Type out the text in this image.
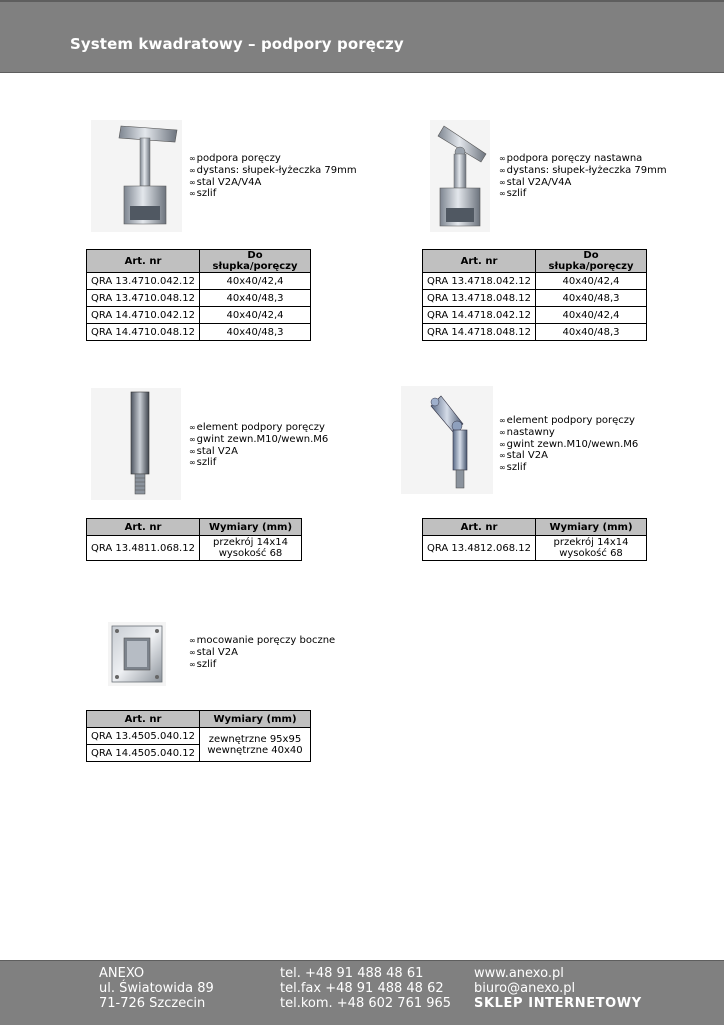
System kwadratowy – podpory poręczy
∞podpora poręczy
∞dystans: słupek-łyżeczka 79mm
∞stal V2A/V4A
∞szlif
Art. nr	Do słupka/poręczy
QRA 13.4710.042.12	40x40/42,4
QRA 13.4710.048.12	40x40/48,3
QRA 14.4710.042.12	40x40/42,4
QRA 14.4710.048.12	40x40/48,3
∞podpora poręczy nastawna
∞dystans: słupek-łyżeczka 79mm
∞stal V2A/V4A
∞szlif
Art. nr	Do słupka/poręczy
QRA 13.4718.042.12	40x40/42,4
QRA 13.4718.048.12	40x40/48,3
QRA 14.4718.042.12	40x40/42,4
QRA 14.4718.048.12	40x40/48,3
∞element podpory poręczy
∞gwint zewn.M10/wewn.M6
∞stal V2A
∞szlif
Art. nr	Wymiary (mm)
QRA 13.4811.068.12	przekrój 14x14
wysokość 68
∞element podpory poręczy
∞nastawny
∞gwint zewn.M10/wewn.M6
∞stal V2A
∞szlif
Art. nr	Wymiary (mm)
QRA 13.4812.068.12	przekrój 14x14
wysokość 68
∞mocowanie poręczy boczne
∞stal V2A
∞szlif
Art. nr	Wymiary (mm)
QRA 13.4505.040.12	zewnętrzne 95x95
wewnętrzne 40x40

QRA 14.4505.040.12	
ANEXO
ul. Światowida 89
71-726 Szczecin
tel. +48 91 488 48 61
tel.fax +48 91 488 48 62
tel.kom. +48 602 761 965
www.anexo.pl
biuro@anexo.pl
SKLEP INTERNETOWY
